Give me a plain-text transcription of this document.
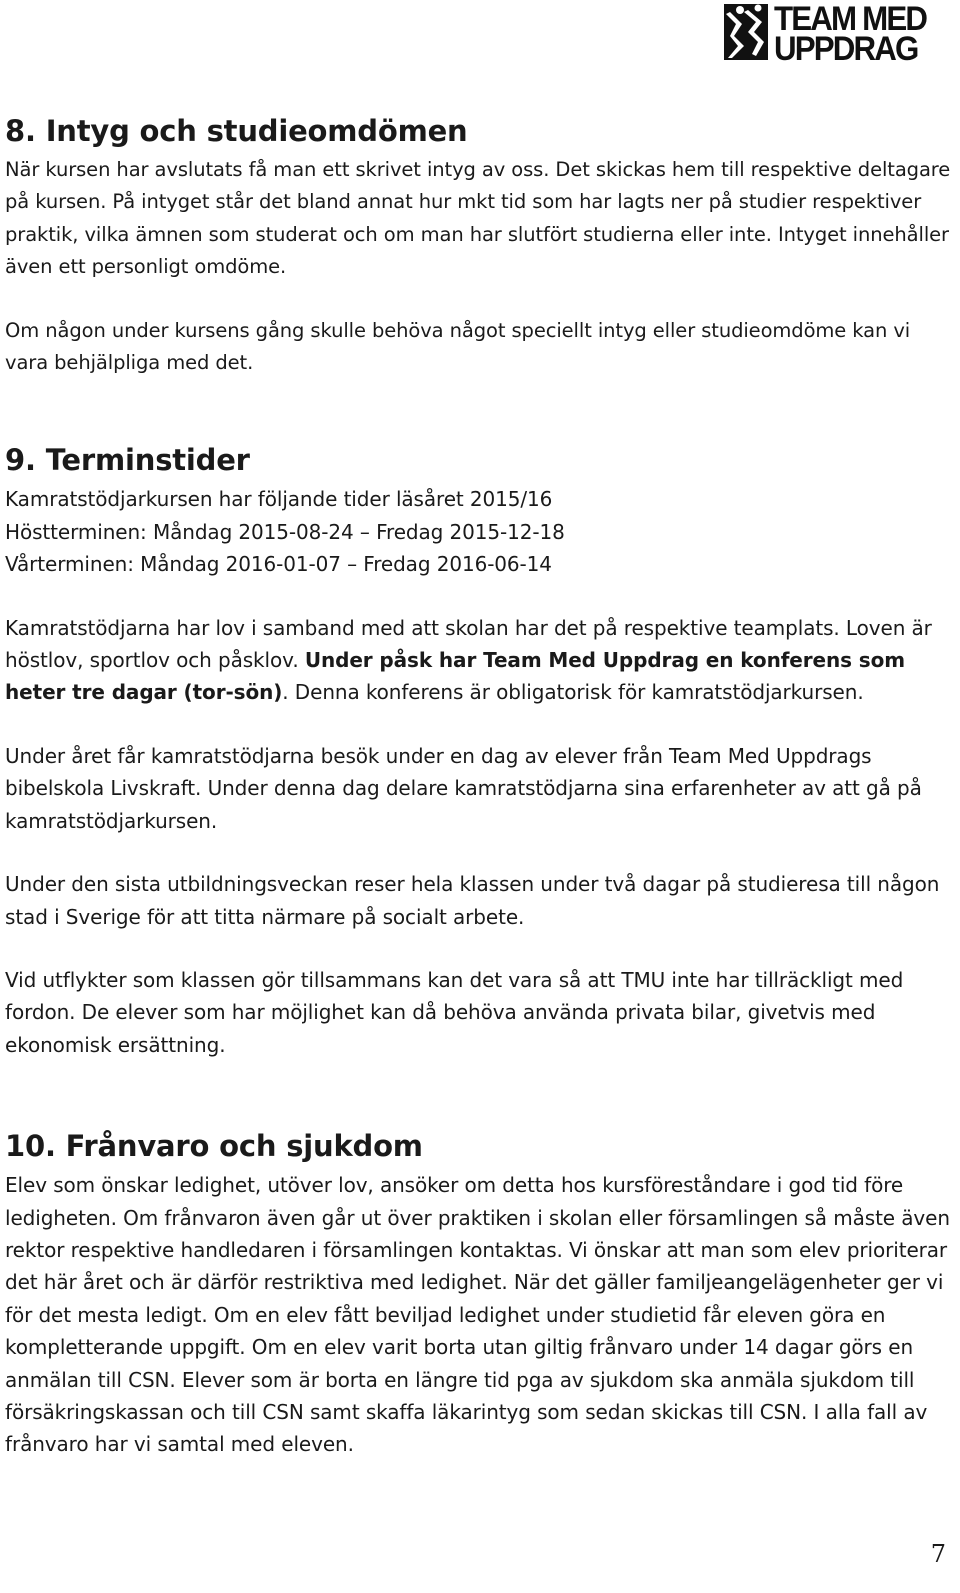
TEAM MED
UPPDRAG
8. Intyg och studieomdömen

När kursen har avslutats få man ett skrivet intyg av oss. Det skickas hem till respektive deltagare på kursen. På intyget står det bland annat hur mkt tid som har lagts ner på studier respektiver praktik, vilka ämnen som studerat och om man har slutfört studierna eller inte. Intyget innehåller även ett personligt omdöme.

Om någon under kursens gång skulle behöva något speciellt intyg eller studieomdöme kan vi vara behjälpliga med det.

9. Terminstider

Kamratstödjarkursen har följande tider läsåret 2015/16

Höstterminen: Måndag 2015-08-24 – Fredag 2015-12-18

Vårterminen: Måndag 2016-01-07 – Fredag 2016-06-14

Kamratstödjarna har lov i samband med att skolan har det på respektive teamplats. Loven är höstlov, sportlov och påsklov. Under påsk har Team Med Uppdrag en konferens som heter tre dagar (tor-sön). Denna konferens är obligatorisk för kamratstödjarkursen.

Under året får kamratstödjarna besök under en dag av elever från Team Med Uppdrags bibelskola Livskraft. Under denna dag delare kamratstödjarna sina erfarenheter av att gå på kamratstödjarkursen.

Under den sista utbildningsveckan reser hela klassen under två dagar på studieresa till någon stad i Sverige för att titta närmare på socialt arbete.

Vid utflykter som klassen gör tillsammans kan det vara så att TMU inte har tillräckligt med fordon. De elever som har möjlighet kan då behöva använda privata bilar, givetvis med ekonomisk ersättning.

10. Frånvaro och sjukdom

Elev som önskar ledighet, utöver lov, ansöker om detta hos kursföreståndare i god tid före ledigheten. Om frånvaron även går ut över praktiken i skolan eller församlingen så måste även rektor respektive handledaren i församlingen kontaktas. Vi önskar att man som elev prioriterar det här året och är därför restriktiva med ledighet. När det gäller familjeangelägenheter ger vi för det mesta ledigt. Om en elev fått beviljad ledighet under studietid får eleven göra en kompletterande uppgift. Om en elev varit borta utan giltig frånvaro under 14 dagar görs en anmälan till CSN. Elever som är borta en längre tid pga av sjukdom ska anmäla sjukdom till försäkringskassan och till CSN samt skaffa läkarintyg som sedan skickas till CSN. I alla fall av frånvaro har vi samtal med eleven.

7
